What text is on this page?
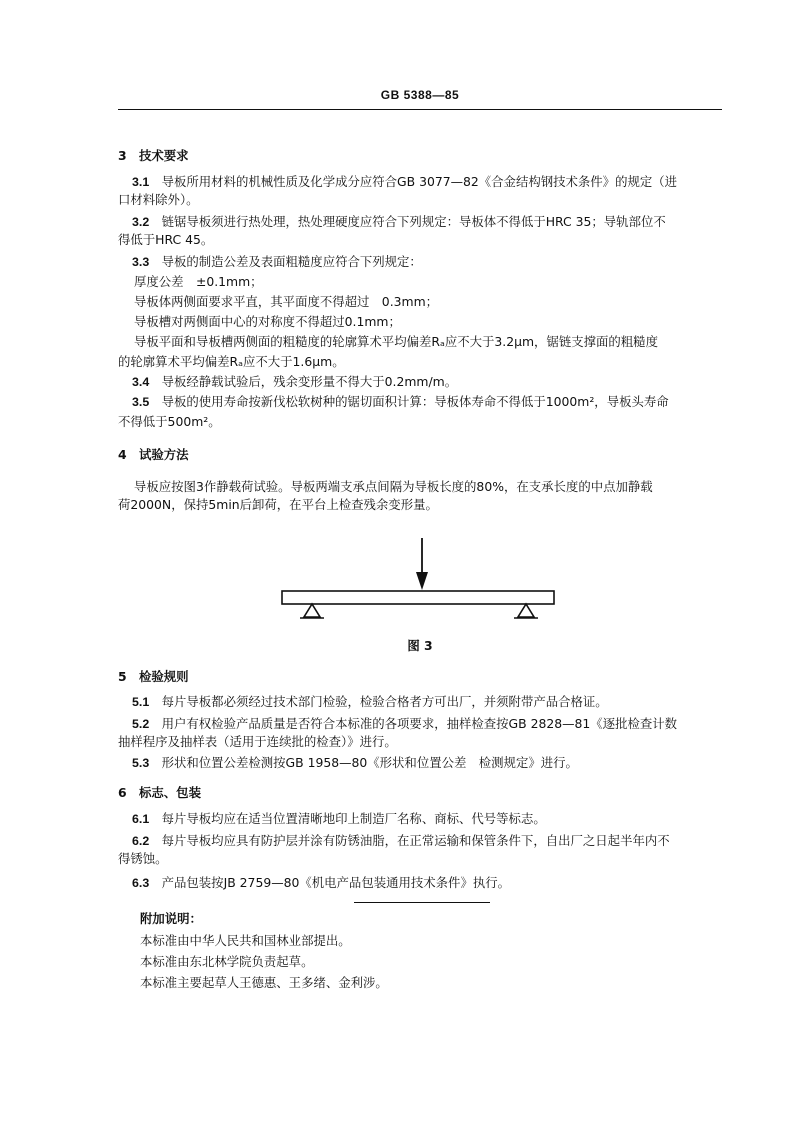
GB 5388—85
3　技术要求
3.1　 导板所用材料的机械性质及化学成分应符合GB 3077—82《合金结构钢技术条件》的规定（进
口材料除外）。
3.2　 链锯导板须进行热处理，热处理硬度应符合下列规定：导板体不得低于HRC 35；导轨部位不
得低于HRC 45。
3.3　 导板的制造公差及表面粗糙度应符合下列规定：
厚度公差　±0.1mm；
导板体两侧面要求平直，其平面度不得超过　0.3mm；
导板槽对两侧面中心的对称度不得超过0.1mm；
导板平面和导板槽两侧面的粗糙度的轮廓算术平均偏差Rₐ应不大于3.2μm，锯链支撑面的粗糙度
的轮廓算术平均偏差Rₐ应不大于1.6μm。
3.4　 导板经静载试验后，残余变形量不得大于0.2mm/m。
3.5　 导板的使用寿命按新伐松软树种的锯切面积计算：导板体寿命不得低于1000m²，导板头寿命
不得低于500m²。
4　试验方法
导板应按图3作静载荷试验。导板两端支承点间隔为导板长度的80%，在支承长度的中点加静载
荷2000N，保持5min后卸荷，在平台上检查残余变形量。
图 3
5　检验规则
5.1　 每片导板都必须经过技术部门检验，检验合格者方可出厂，并须附带产品合格证。
5.2　 用户有权检验产品质量是否符合本标准的各项要求，抽样检查按GB 2828—81《逐批检查计数
抽样程序及抽样表（适用于连续批的检查）》进行。
5.3　 形状和位置公差检测按GB 1958—80《形状和位置公差　检测规定》进行。
6　标志、包装
6.1　 每片导板均应在适当位置清晰地印上制造厂名称、商标、代号等标志。
6.2　 每片导板均应具有防护层并涂有防锈油脂，在正常运输和保管条件下，自出厂之日起半年内不
得锈蚀。
6.3　 产品包装按JB 2759—80《机电产品包装通用技术条件》执行。
附加说明：
本标准由中华人民共和国林业部提出。
本标准由东北林学院负责起草。
本标准主要起草人王德惠、王多绪、金利涉。
